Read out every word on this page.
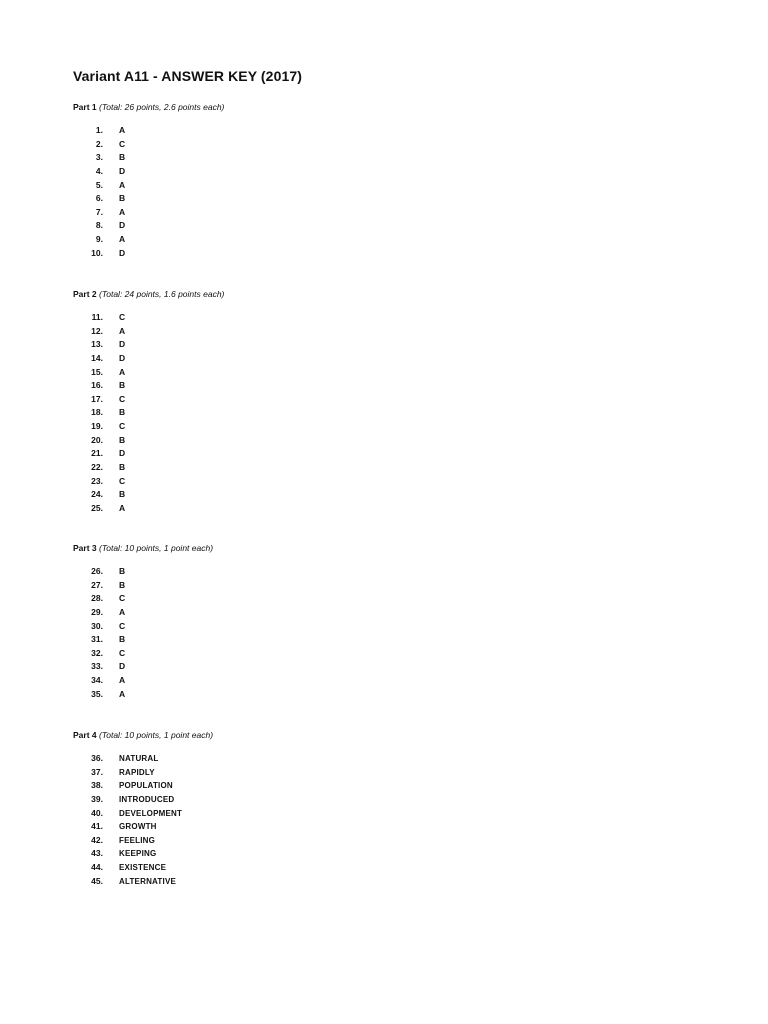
Variant A11 - ANSWER KEY (2017)
Part 1 (Total: 26 points, 2.6 points each)
1. A
2. C
3. B
4. D
5. A
6. B
7. A
8. D
9. A
10. D
Part 2 (Total: 24 points, 1.6 points each)
11. C
12. A
13. D
14. D
15. A
16. B
17. C
18. B
19. C
20. B
21. D
22. B
23. C
24. B
25. A
Part 3 (Total: 10 points, 1 point each)
26. B
27. B
28. C
29. A
30. C
31. B
32. C
33. D
34. A
35. A
Part 4 (Total: 10 points, 1 point each)
36. NATURAL
37. RAPIDLY
38. POPULATION
39. INTRODUCED
40. DEVELOPMENT
41. GROWTH
42. FEELING
43. KEEPING
44. EXISTENCE
45. ALTERNATIVE
